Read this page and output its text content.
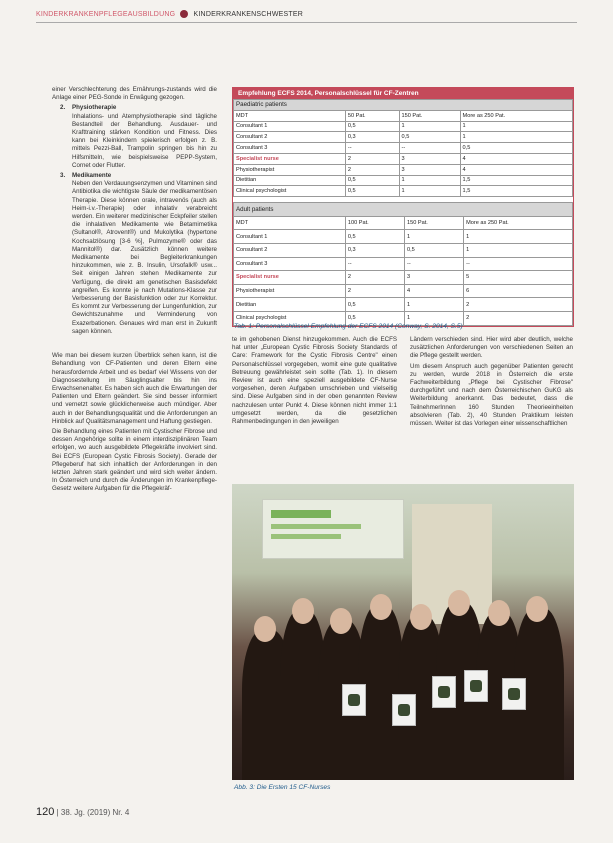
KINDERKRANKENPFLEGEAUSBILDUNG	KINDERKRANKENSCHWESTER

einer Verschlechterung des Ernährungs-zustands wird die Anlage einer PEG-Sonde in Erwägung gezogen.

2. Physiotherapie

Inhalations- und Atemphysiotherapie sind tägliche Bestandteil der Behandlung. Ausdauer- und Krafttraining stärken Kondition und Fitness. Dies kann bei Kleinkindern spielerisch erfolgen z. B. mittels Pezzi-Ball, Trampolin springen bis hin zu Hilfsmitteln, wie beispielsweise PEPP-System, Cornet oder Flutter.

3. Medikamente

Neben den Verdauungsenzymen und Vitaminen sind Antibiotika die wichtigste Säule der medikamentösen Therapie. Diese können orale, intravenös (auch als Heim-i.v.-Therapie) oder inhalativ verabreicht werden. Ein weiterer medizinischer Eckpfeiler stellen die inhalativen Medikamente wie Betamimetika (Sultanol®, Atrovent®) und Mukolytika (hypertone Kochsalzlösung [3-6 %], Pulmozyme® oder das Mannitol®) dar. Zusätzlich können weitere Medikamente bei Begleiterkrankungen hinzukommen, wie z. B. Insulin, Ursofalk® usw... Seit einigen Jahren stehen Medikamente zur Verfügung, die direkt am genetischen Basisdefekt angreifen. Es konnte je nach Mutations-Klasse zur Verbesserung der Basisfunktion oder zur Korrektur. Es kommt zur Verbesserung der Lungenfunktion, zur Gewichtszunahme und Verminderung von Exazerbationen. Genaues wird man erst in Zukunft sagen können.

Wie man bei diesem kurzen Überblick sehen kann, ist die Behandlung von CF-Patienten und deren Eltern eine herausfordernde Arbeit und es bedarf viel Wissens von der Diagnosestellung im Säuglingsalter bis hin ins Erwachsenenalter. Es haben sich auch die Erwartungen der Patienten und Eltern geändert. Sie sind besser informiert und vernetzt sowie glücklicherweise auch mündiger. Aber auch in der Behandlungsqualität und die Anforderungen an Hinblick auf Qualitätsmanagement und Haftung gestiegen.

Die Behandlung eines Patienten mit Cystischer Fibrose und dessen Angehörige sollte in einem interdisziplinären Team erfolgen, wo auch ausgebildete Pflegekräfte involviert sind. Bei ECFS (European Cystic Fibrosis Society). Gerade der Pflegeberuf hat sich inhaltlich der Anforderungen in den letzten Jahren stark geändert und wird sich weiter ändern. In Österreich und durch die Änderungen im Krankenpflege-Gesetz weitere Aufgaben für die Pflegekräf-

Empfehlung ECFS 2014, Personalschlüssel für CF-Zentren
Paediatric patients			
MDT	50 Pat.	150 Pat.	More as 250 Pat.
Consultant 1	0,5	1	1
Consultant 2	0,3	0,5	1
Consultant 3	--	--	0,5
Specialist nurse	2	3	4
Physiotherapist	2	3	4
Dietitian	0,5	1	1,5
Clinical psychologist	0,5	1	1,5
Adult patients			
MDT	100 Pat.	150 Pat.	More as 250 Pat.
Consultant 1	0,5	1	1
Consultant 2	0,3	0,5	1
Consultant 3	--	--	--
Specialist nurse	2	3	5
Physiotherapist	2	4	6
Dietitian	0,5	1	2
Clinical psychologist	0,5	1	2
Tab. 1: Personalschlüssel Empfehlung der ECFS 2014 (Conway, S. 2014, S.5)

te im gehobenen Dienst hinzugekommen. Auch die ECFS hat unter „European Cystic Fibrosis Society Standards of Care: Framework for the Cystic Fibrosis Centre" einen Personalschlüssel vorgegeben, womit eine gute qualitative Betreuung gewährleistet sein sollte (Tab. 1). In diesem Review ist auch eine speziell ausgebildete CF-Nurse vorgesehen, deren Aufgaben umschrieben und vielseitig sind. Diese Aufgaben sind in der oben genannten Review nachzulesen unter Punkt 4. Diese können nicht immer 1:1 umgesetzt werden, da die gesetzlichen Rahmenbedingungen in den jeweiligen

Ländern verschieden sind. Hier wird aber deutlich, welche zusätzlichen Anforderungen von verschiedenen Seiten an die Pflege gestellt werden.

Um diesem Anspruch auch gegenüber Patienten gerecht zu werden, wurde 2018 in Österreich die erste Fachweiterbildung „Pflege bei Cystischer Fibrose" durchgeführt und nach dem Österreichischen GuKG als Weiterbildung anerkannt. Das bedeutet, dass die TeilnehmerInnen 160 Stunden Theorieeinheiten absolvieren (Tab. 2), 40 Stunden Praktikum leisten müssen. Weiter ist das Vorlegen einer wissenschaftlichen

Abb. 3: Die Ersten 15 CF-Nurses
120 | 38. Jg. (2019) Nr. 4
